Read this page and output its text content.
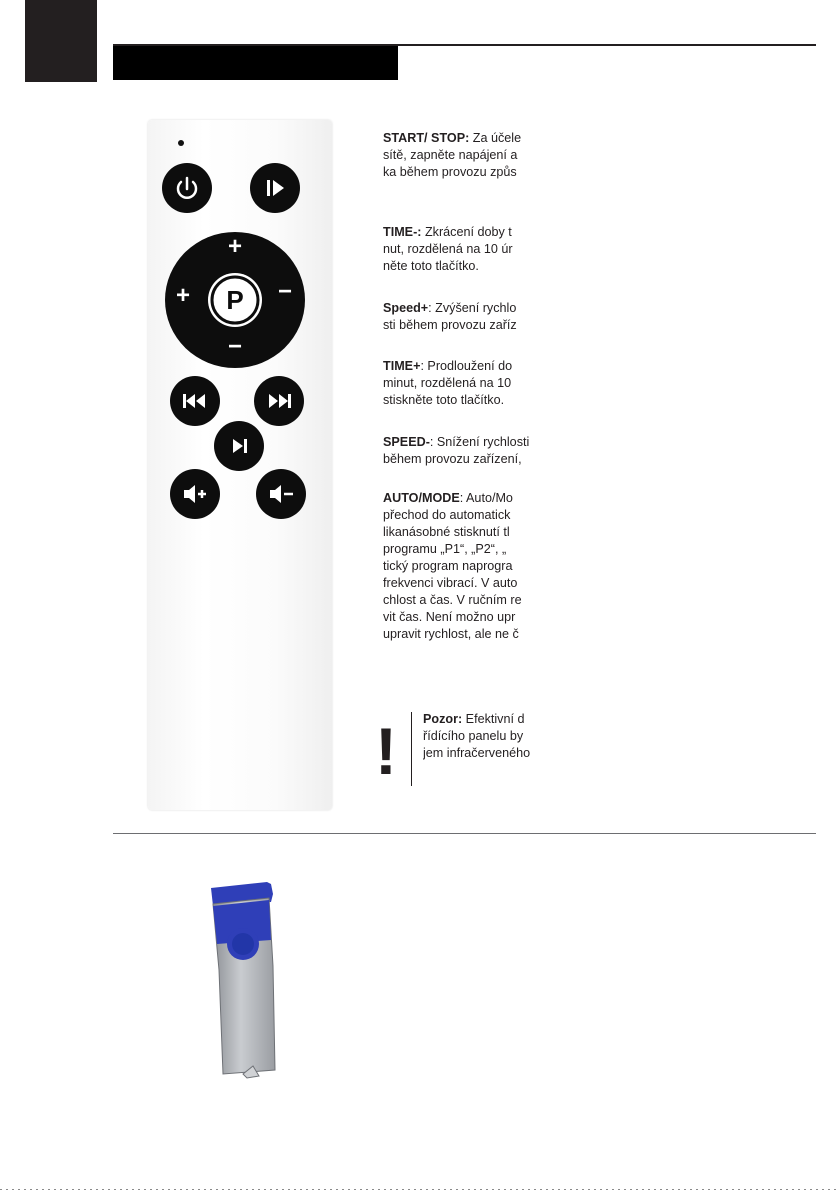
P
+
+
−
−

START/ STOP: Za účele

sítě, zapněte napájení a

ka během provozu způs

TIME-: Zkrácení doby t

nut, rozdělená na 10 úr

něte toto tlačítko.

Speed+: Zvýšení rychlo

sti během provozu zaříz

TIME+: Prodloužení do

minut, rozdělená na 10

stiskněte toto tlačítko.

SPEED-: Snížení rychlosti

během provozu zařízení,

AUTO/MODE: Auto/Mo

přechod do automatick

likanásobné stisknutí tl

programu „P1“, „P2“, „

tický program naprogra

frekvenci vibrací. V auto

chlost a čas. V ručním re

vit čas. Není možno upr

upravit rychlost, ale ne č

! Pozor: Efektivní d

řídícího panelu by

jem infračerveného
